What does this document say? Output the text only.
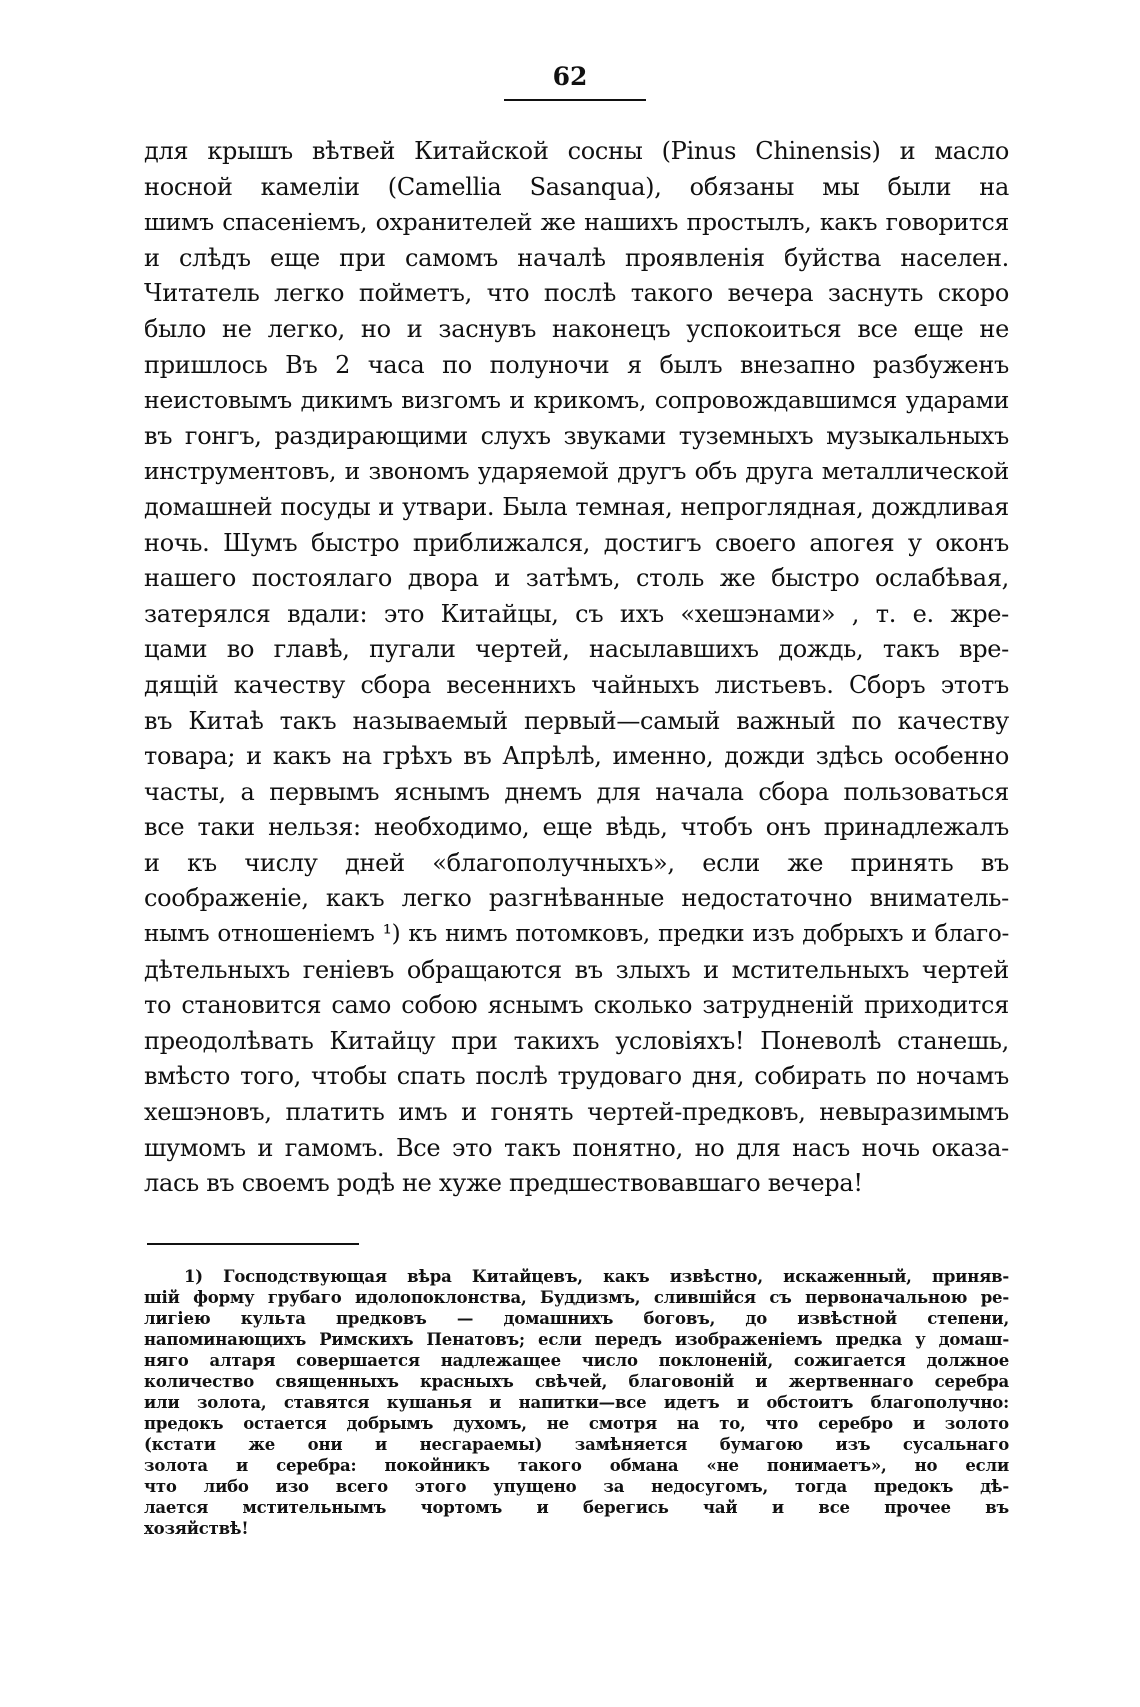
62
для крышъ вѣтвей Китайской сосны (Pinus Chinensis) и масло
носной камеліи (Camellia Sasanqua), обязаны мы были на
шимъ спасеніемъ, охранителей же нашихъ простылъ, какъ говорится
и слѣдъ еще при самомъ началѣ проявленія буйства населен.
Читатель легко пойметъ, что послѣ такого вечера заснуть скоро
было не легко, но и заснувъ наконецъ успокоиться все еще не
пришлось Въ 2 часа по полуночи я былъ внезапно разбуженъ
неистовымъ дикимъ визгомъ и крикомъ, сопровождавшимся ударами
въ гонгъ, раздирающими слухъ звуками туземныхъ музыкальныхъ
инструментовъ, и звономъ ударяемой другъ объ друга металлической
домашней посуды и утвари. Была темная, непроглядная, дождливая
ночь. Шумъ быстро приближался, достигъ своего апогея у оконъ
нашего постоялаго двора и затѣмъ, столь же быстро ослабѣвая,
затерялся вдали: это Китайцы, съ ихъ «хешэнами» , т. е. жре-
цами во главѣ, пугали чертей, насылавшихъ дождь, такъ вре-
дящій качеству сбора весеннихъ чайныхъ листьевъ. Сборъ этотъ
въ Китаѣ такъ называемый первый—самый важный по качеству
товара; и какъ на грѣхъ въ Апрѣлѣ, именно, дожди здѣсь особенно
часты, а первымъ яснымъ днемъ для начала сбора пользоваться
все таки нельзя: необходимо, еще вѣдь, чтобъ онъ принадлежалъ
и къ числу дней «благополучныхъ», если же принять въ
соображеніе, какъ легко разгнѣванные недостаточно вниматель-
нымъ отношеніемъ ¹) къ нимъ потомковъ, предки изъ добрыхъ и благо-
дѣтельныхъ геніевъ обращаются въ злыхъ и мстительныхъ чертей
то становится само собою яснымъ сколько затрудненій приходится
преодолѣвать Китайцу при такихъ условіяхъ! Поневолѣ станешь,
вмѣсто того, чтобы спать послѣ трудоваго дня, собирать по ночамъ
хешэновъ, платить имъ и гонять чертей-предковъ, невыразимымъ
шумомъ и гамомъ. Все это такъ понятно, но для насъ ночь оказа-
лась въ своемъ родѣ не хуже предшествовавшаго вечера!
1) Господствующая вѣра Китайцевъ, какъ извѣстно, искаженный, приняв-
шій форму грубаго идолопоклонства, Буддизмъ, слившійся съ первоначальною ре-
лигіею культа предковъ — домашнихъ боговъ, до извѣстной степени,
напоминающихъ Римскихъ Пенатовъ; если передъ изображеніемъ предка у домаш-
няго алтаря совершается надлежащее число поклоненій, сожигается должное
количество священныхъ красныхъ свѣчей, благовоній и жертвеннаго серебра
или золота, ставятся кушанья и напитки—все идетъ и обстоитъ благополучно:
предокъ остается добрымъ духомъ, не смотря на то, что серебро и золото
(кстати же они и несгараемы) замѣняется бумагою изъ сусальнаго
золота и серебра: покойникъ такого обмана «не понимаетъ», но если
что либо изо всего этого упущено за недосугомъ, тогда предокъ дѣ-
лается мстительнымъ чортомъ и берегись чай и все прочее въ
хозяйствѣ!
